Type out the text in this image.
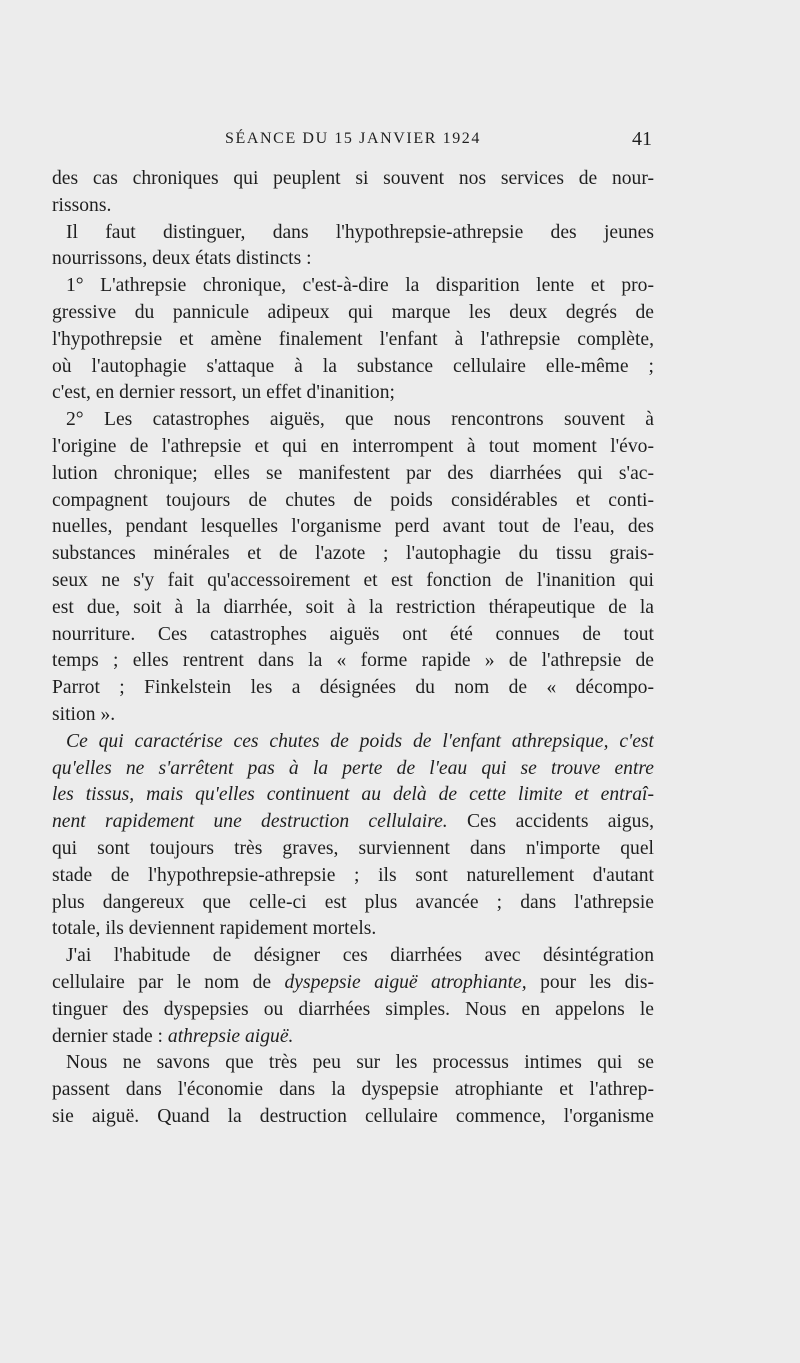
SÉANCE DU 15 JANVIER 1924	41
des cas chroniques qui peuplent si souvent nos services de nour-
rissons.
Il faut distinguer, dans l'hypothrepsie-athrepsie des jeunes
nourrissons, deux états distincts :
1° L'athrepsie chronique, c'est-à-dire la disparition lente et pro-
gressive du pannicule adipeux qui marque les deux degrés de
l'hypothrepsie et amène finalement l'enfant à l'athrepsie complète,
où l'autophagie s'attaque à la substance cellulaire elle-même ;
c'est, en dernier ressort, un effet d'inanition;
2° Les catastrophes aiguës, que nous rencontrons souvent à
l'origine de l'athrepsie et qui en interrompent à tout moment l'évo-
lution chronique; elles se manifestent par des diarrhées qui s'ac-
compagnent toujours de chutes de poids considérables et conti-
nuelles, pendant lesquelles l'organisme perd avant tout de l'eau, des
substances minérales et de l'azote ; l'autophagie du tissu grais-
seux ne s'y fait qu'accessoirement et est fonction de l'inanition qui
est due, soit à la diarrhée, soit à la restriction thérapeutique de la
nourriture. Ces catastrophes aiguës ont été connues de tout
temps ; elles rentrent dans la « forme rapide » de l'athrepsie de
Parrot ; Finkelstein les a désignées du nom de « décompo-
sition ».
Ce qui caractérise ces chutes de poids de l'enfant athrepsique, c'est
qu'elles ne s'arrêtent pas à la perte de l'eau qui se trouve entre
les tissus, mais qu'elles continuent au delà de cette limite et entraî-
nent rapidement une destruction cellulaire. Ces accidents aigus,
qui sont toujours très graves, surviennent dans n'importe quel
stade de l'hypothrepsie-athrepsie ; ils sont naturellement d'autant
plus dangereux que celle-ci est plus avancée ; dans l'athrepsie
totale, ils deviennent rapidement mortels.
J'ai l'habitude de désigner ces diarrhées avec désintégration
cellulaire par le nom de dyspepsie aiguë atrophiante, pour les dis-
tinguer des dyspepsies ou diarrhées simples. Nous en appelons le
dernier stade : athrepsie aiguë.
Nous ne savons que très peu sur les processus intimes qui se
passent dans l'économie dans la dyspepsie atrophiante et l'athrep-
sie aiguë. Quand la destruction cellulaire commence, l'organisme
